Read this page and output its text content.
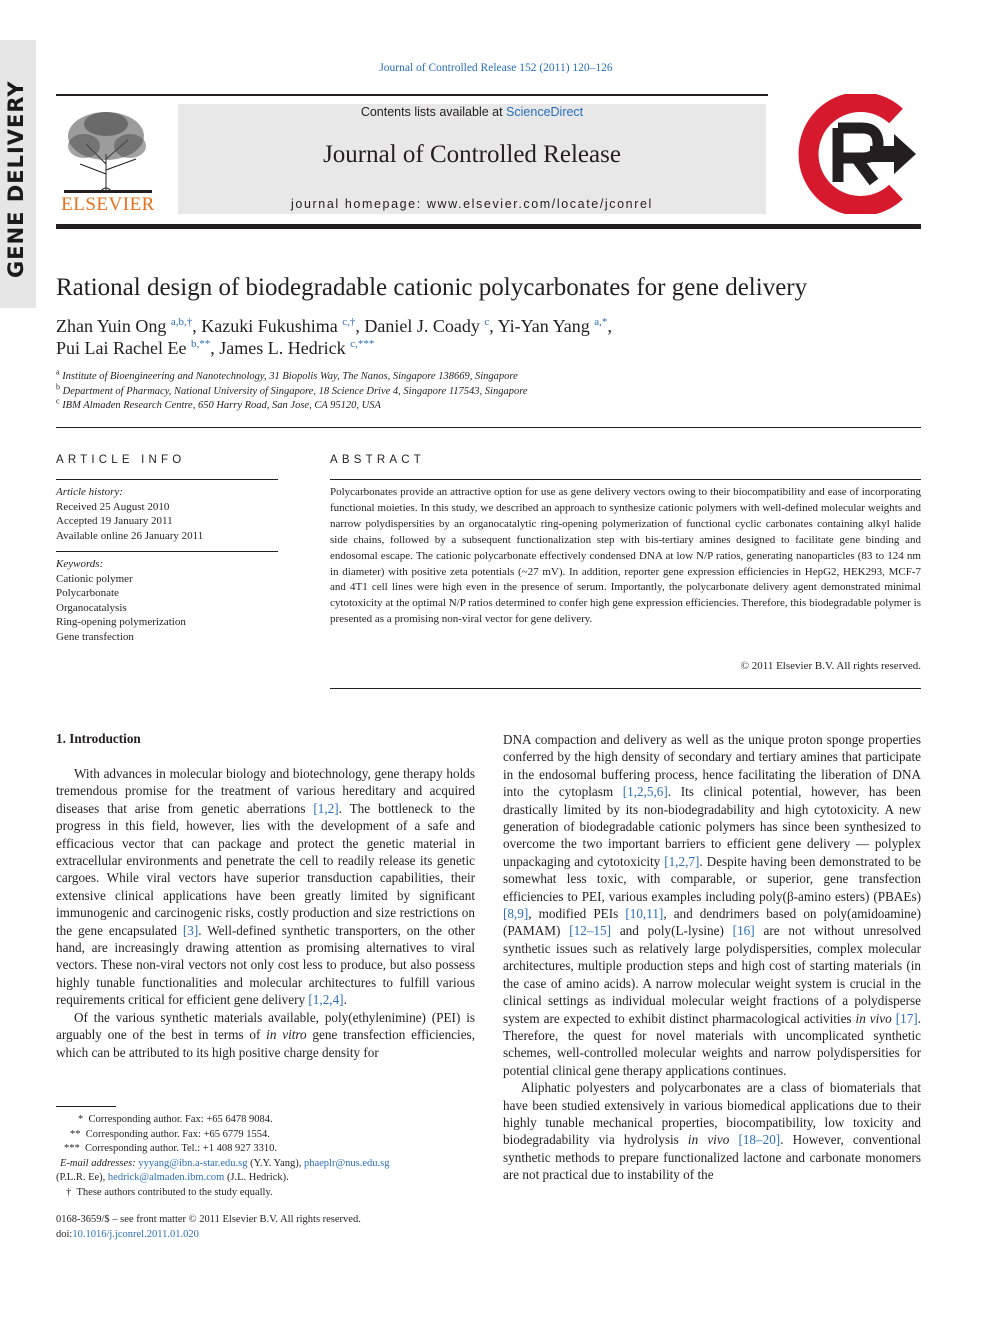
GENE DELIVERY
Journal of Controlled Release 152 (2011) 120–126
ELSEVIER
Contents lists available at ScienceDirect
Journal of Controlled Release
journal homepage: www.elsevier.com/locate/jconrel
Rational design of biodegradable cationic polycarbonates for gene delivery
Zhan Yuin Ong $^{a,b,\dagger}$, Kazuki Fukushima $^{c,\dagger}$, Daniel J. Coady $^c$, Yi-Yan Yang $^{a,*}$,
Pui Lai Rachel Ee $^{b,**}$, James L. Hedrick $^{c,***}$
$^a$ Institute of Bioengineering and Nanotechnology, 31 Biopolis Way, The Nanos, Singapore 138669, Singapore
$^b$ Department of Pharmacy, National University of Singapore, 18 Science Drive 4, Singapore 117543, Singapore
$^c$ IBM Almaden Research Centre, 650 Harry Road, San Jose, CA 95120, USA
ARTICLE INFO
Article history:
Received 25 August 2010
Accepted 19 January 2011
Available online 26 January 2011
Keywords:
Cationic polymer
Polycarbonate
Organocatalysis
Ring-opening polymerization
Gene transfection
ABSTRACT
Polycarbonates provide an attractive option for use as gene delivery vectors owing to their biocompatibility and ease of incorporating functional moieties. In this study, we described an approach to synthesize cationic polymers with well-defined molecular weights and narrow polydispersities by an organocatalytic ring-opening polymerization of functional cyclic carbonates containing alkyl halide side chains, followed by a subsequent functionalization step with bis-tertiary amines designed to facilitate gene binding and endosomal escape. The cationic polycarbonate effectively condensed DNA at low N/P ratios, generating nanoparticles (83 to 124 nm in diameter) with positive zeta potentials (~27 mV). In addition, reporter gene expression efficiencies in HepG2, HEK293, MCF-7 and 4T1 cell lines were high even in the presence of serum. Importantly, the polycarbonate delivery agent demonstrated minimal cytotoxicity at the optimal N/P ratios determined to confer high gene expression efficiencies. Therefore, this biodegradable polymer is presented as a promising non-viral vector for gene delivery.
© 2011 Elsevier B.V. All rights reserved.
1. Introduction

With advances in molecular biology and biotechnology, gene therapy holds tremendous promise for the treatment of various hereditary and acquired diseases that arise from genetic aberrations [1,2]. The bottleneck to the progress in this field, however, lies with the development of a safe and efficacious vector that can package and protect the genetic material in extracellular environments and penetrate the cell to readily release its genetic cargoes. While viral vectors have superior transduction capabilities, their extensive clinical applications have been greatly limited by significant immunogenic and carcinogenic risks, costly production and size restrictions on the gene encapsulated [3]. Well-defined synthetic transporters, on the other hand, are increasingly drawing attention as promising alternatives to viral vectors. These non-viral vectors not only cost less to produce, but also possess highly tunable functionalities and molecular architectures to fulfill various requirements critical for efficient gene delivery [1,2,4].

Of the various synthetic materials available, poly(ethylenimine) (PEI) is arguably one of the best in terms of in vitro gene transfection efficiencies, which can be attributed to its high positive charge density for

DNA compaction and delivery as well as the unique proton sponge properties conferred by the high density of secondary and tertiary amines that participate in the endosomal buffering process, hence facilitating the liberation of DNA into the cytoplasm [1,2,5,6]. Its clinical potential, however, has been drastically limited by its non-biodegradability and high cytotoxicity. A new generation of biodegradable cationic polymers has since been synthesized to overcome the two important barriers to efficient gene delivery — polyplex unpackaging and cytotoxicity [1,2,7]. Despite having been demonstrated to be somewhat less toxic, with comparable, or superior, gene transfection efficiencies to PEI, various examples including poly(β-amino esters) (PBAEs) [8,9], modified PEIs [10,11], and dendrimers based on poly(amidoamine) (PAMAM) [12–15] and poly(L-lysine) [16] are not without unresolved synthetic issues such as relatively large polydispersities, complex molecular architectures, multiple production steps and high cost of starting materials (in the case of amino acids). A narrow molecular weight system is crucial in the clinical settings as individual molecular weight fractions of a polydisperse system are expected to exhibit distinct pharmacological activities in vivo [17]. Therefore, the quest for novel materials with uncomplicated synthetic schemes, well-controlled molecular weights and narrow polydispersities for potential clinical gene therapy applications continues.

Aliphatic polyesters and polycarbonates are a class of biomaterials that have been studied extensively in various biomedical applications due to their highly tunable mechanical properties, biocompatibility, low toxicity and biodegradability via hydrolysis in vivo [18–20]. However, conventional synthetic methods to prepare functionalized lactone and carbonate monomers are not practical due to instability of the

*  Corresponding author. Fax: +65 6478 9084.
**  Corresponding author. Fax: +65 6779 1554.
***  Corresponding author. Tel.: +1 408 927 3310.
E-mail addresses: yyyang@ibn.a-star.edu.sg (Y.Y. Yang), phaeplr@nus.edu.sg
(P.L.R. Ee), hedrick@almaden.ibm.com (J.L. Hedrick).
†  These authors contributed to the study equally.
0168-3659/$ – see front matter © 2011 Elsevier B.V. All rights reserved.
doi:10.1016/j.jconrel.2011.01.020
